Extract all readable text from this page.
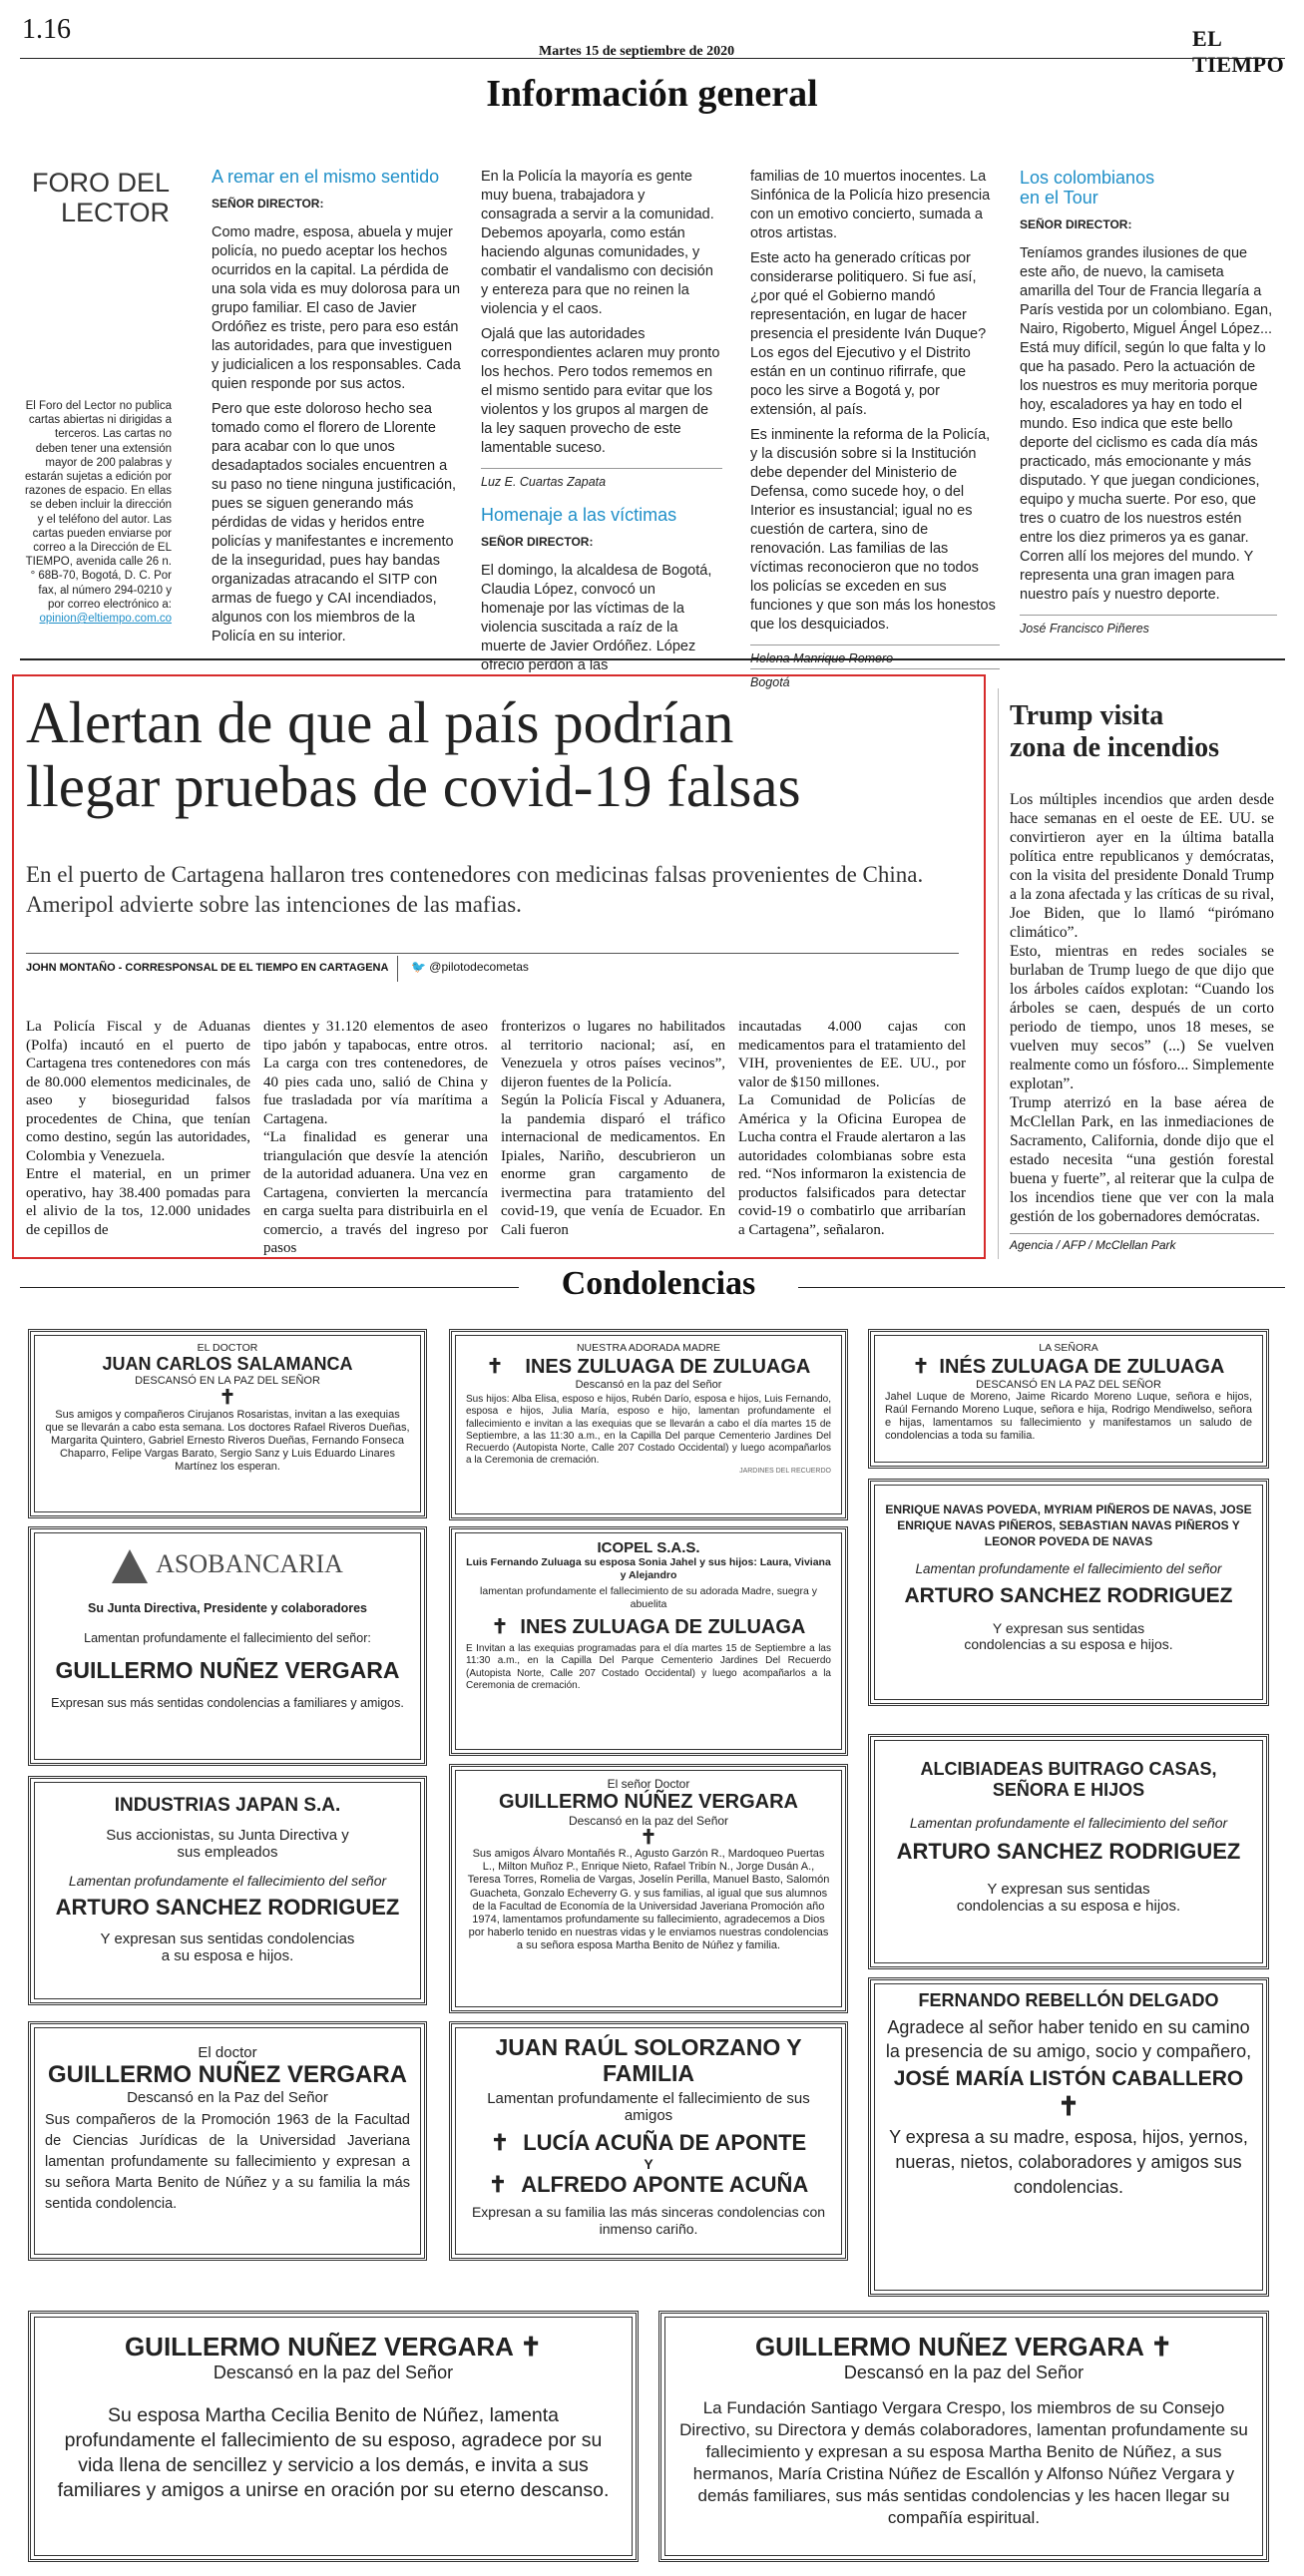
1.16
Martes 15 de septiembre de 2020
EL TIEMPO
Información general
FORO DEL
LECTOR
El Foro del Lector no publica cartas abiertas ni dirigidas a terceros. Las cartas no deben tener una extensión mayor de 200 palabras y estarán sujetas a edición por razones de espacio. En ellas se deben incluir la dirección y el teléfono del autor. Las cartas pueden enviarse por correo a la Dirección de EL TIEMPO, avenida calle 26 n.° 68B-70, Bogotá, D. C. Por fax, al número 294-0210 y por correo electrónico a: opinion@eltiempo.com.co
A remar en el mismo sentido
SEÑOR DIRECTOR:

Como madre, esposa, abuela y mujer policía, no puedo aceptar los hechos ocurridos en la capital. La pérdida de una sola vida es muy dolorosa para un grupo familiar. El caso de Javier Ordóñez es triste, pero para eso están las autoridades, para que investiguen y judicialicen a los responsables. Cada quien responde por sus actos.

Pero que este doloroso hecho sea tomado como el florero de Llorente para acabar con lo que unos desadaptados sociales encuentren a su paso no tiene ninguna justificación, pues se siguen generando más pérdidas de vidas y heridos entre policías y manifestantes e incremento de la inseguridad, pues hay bandas organizadas atracando el SITP con armas de fuego y CAI incendiados, algunos con los miembros de la Policía en su interior.

En la Policía la mayoría es gente muy buena, trabajadora y consagrada a servir a la comunidad. Debemos apoyarla, como están haciendo algunas comunidades, y combatir el vandalismo con decisión y entereza para que no reinen la violencia y el caos.

Ojalá que las autoridades correspondientes aclaren muy pronto los hechos. Pero todos rememos en el mismo sentido para evitar que los violentos y los grupos al margen de la ley saquen provecho de este lamentable suceso.

Luz E. Cuartas Zapata
Homenaje a las víctimas
SEÑOR DIRECTOR:

El domingo, la alcaldesa de Bogotá, Claudia López, convocó un homenaje por las víctimas de la violencia suscitada a raíz de la muerte de Javier Ordóñez. López ofreció perdón a las

familias de 10 muertos inocentes. La Sinfónica de la Policía hizo presencia con un emotivo concierto, sumada a otros artistas.

Este acto ha generado críticas por considerarse politiquero. Si fue así, ¿por qué el Gobierno mandó representación, en lugar de hacer presencia el presidente Iván Duque? Los egos del Ejecutivo y el Distrito están en un continuo rifirrafe, que poco les sirve a Bogotá y, por extensión, al país.

Es inminente la reforma de la Policía, y la discusión sobre si la Institución debe depender del Ministerio de Defensa, como sucede hoy, o del Interior es insustancial; igual no es cuestión de cartera, sino de renovación. Las familias de las víctimas reconocieron que no todos los policías se exceden en sus funciones y que son más los honestos que los desquiciados.

Helena Manrique Romero
Bogotá
Los colombianos
en el Tour
SEÑOR DIRECTOR:

Teníamos grandes ilusiones de que este año, de nuevo, la camiseta amarilla del Tour de Francia llegaría a París vestida por un colombiano. Egan, Nairo, Rigoberto, Miguel Ángel López... Está muy difícil, según lo que falta y lo que ha pasado. Pero la actuación de los nuestros es muy meritoria porque hoy, escaladores ya hay en todo el mundo. Eso indica que este bello deporte del ciclismo es cada día más practicado, más emocionante y más disputado. Y que juegan condiciones, equipo y mucha suerte. Por eso, que tres o cuatro de los nuestros estén entre los diez primeros ya es ganar. Corren allí los mejores del mundo. Y representa una gran imagen para nuestro país y nuestro deporte.

José Francisco Piñeres
Alertan de que al país podrían
llegar pruebas de covid-19 falsas
En el puerto de Cartagena hallaron tres contenedores con medicinas falsas provenientes de China. Ameripol advierte sobre las intenciones de las mafias.
JOHN MONTAÑO - CORRESPONSAL DE EL TIEMPO EN CARTAGENA 🐦 @pilotodecometas
La Policía Fiscal y de Aduanas (Polfa) incautó en el puerto de Cartagena tres contenedores con más de 80.000 elementos medicinales, de aseo y bioseguridad falsos procedentes de China, que tenían como destino, según las autoridades, Colombia y Venezuela.
Entre el material, en un primer operativo, hay 38.400 pomadas para el alivio de la tos, 12.000 unidades de cepillos de
dientes y 31.120 elementos de aseo tipo jabón y tapabocas, entre otros. La carga con tres contenedores, de 40 pies cada uno, salió de China y fue trasladada por vía marítima a Cartagena.
“La finalidad es generar una triangulación que desvíe la atención de la autoridad aduanera. Una vez en Cartagena, convierten la mercancía en carga suelta para distribuirla en el comercio, a través del ingreso por pasos
fronterizos o lugares no habilitados al territorio nacional; así, en Venezuela y otros países vecinos”, dijeron fuentes de la Policía.
Según la Policía Fiscal y Aduanera, la pandemia disparó el tráfico internacional de medicamentos. En Ipiales, Nariño, descubrieron un enorme gran cargamento de ivermectina para tratamiento del covid-19, que venía de Ecuador. En Cali fueron
incautadas 4.000 cajas con medicamentos para el tratamiento del VIH, provenientes de EE. UU., por valor de $150 millones.
La Comunidad de Policías de América y la Oficina Europea de Lucha contra el Fraude alertaron a las autoridades colombianas sobre esta red. “Nos informaron la existencia de productos falsificados para detectar covid-19 o combatirlo que arribarían a Cartagena”, señalaron.
Trump visita
zona de incendios
Los múltiples incendios que arden desde hace semanas en el oeste de EE. UU. se convirtieron ayer en la última batalla política entre republicanos y demócratas, con la visita del presidente Donald Trump a la zona afectada y las críticas de su rival, Joe Biden, que lo llamó “pirómano climático”.
Esto, mientras en redes sociales se burlaban de Trump luego de que dijo que los árboles caídos explotan: “Cuando los árboles se caen, después de un corto periodo de tiempo, unos 18 meses, se vuelven muy secos” (...) Se vuelven realmente como un fósforo... Simplemente explotan”.
Trump aterrizó en la base aérea de McClellan Park, en las inmediaciones de Sacramento, California, donde dijo que el estado necesita “una gestión forestal buena y fuerte”, al reiterar que la culpa de los incendios tiene que ver con la mala gestión de los gobernadores demócratas.
Agencia / AFP / McClellan Park
Condolencias
EL DOCTOR
JUAN CARLOS SALAMANCA
DESCANSÓ EN LA PAZ DEL SEÑOR
✝
Sus amigos y compañeros Cirujanos Rosaristas, invitan a las exequias que se llevarán a cabo esta semana. Los doctores Rafael Riveros Dueñas, Margarita Quintero, Gabriel Ernesto Riveros Dueñas, Fernando Fonseca Chaparro, Felipe Vargas Barato, Sergio Sanz y Luis Eduardo Linares Martínez los esperan.
NUESTRA ADORADA MADRE
✝ INES ZULUAGA DE ZULUAGA
Descansó en la paz del Señor
Sus hijos: Alba Elisa, esposo e hijos, Rubén Darío, esposa e hijos, Luis Fernando, esposa e hijos, Julia María, esposo e hijo, lamentan profundamente el fallecimiento e invitan a las exequias que se llevarán a cabo el día martes 15 de Septiembre, a las 11:30 a.m., en la Capilla Del parque Cementerio Jardines Del Recuerdo (Autopista Norte, Calle 207 Costado Occidental) y luego acompañarlos a la Ceremonia de cremación.
JARDINES DEL RECUERDO
LA SEÑORA
✝ INÉS ZULUAGA DE ZULUAGA
DESCANSÓ EN LA PAZ DEL SEÑOR
Jahel Luque de Moreno, Jaime Ricardo Moreno Luque, señora e hijos, Raúl Fernando Moreno Luque, señora e hija, Rodrigo Mendiwelso, señora e hijas, lamentamos su fallecimiento y manifestamos un saludo de condolencias a toda su familia.
ASOBANCARIA
Su Junta Directiva, Presidente y colaboradores
Lamentan profundamente el fallecimiento del señor:
GUILLERMO NUÑEZ VERGARA
Expresan sus más sentidas condolencias a familiares y amigos.
ICOPEL S.A.S.
Luis Fernando Zuluaga su esposa Sonia Jahel y sus hijos: Laura, Viviana y Alejandro
lamentan profundamente el fallecimiento de su adorada Madre, suegra y abuelita
✝ INES ZULUAGA DE ZULUAGA
E Invitan a las exequias programadas para el día martes 15 de Septiembre a las 11:30 a.m., en la Capilla Del Parque Cementerio Jardines Del Recuerdo (Autopista Norte, Calle 207 Costado Occidental) y luego acompañarlos a la Ceremonia de cremación.
ENRIQUE NAVAS POVEDA, MYRIAM PIÑEROS DE NAVAS, JOSE ENRIQUE NAVAS PIÑEROS, SEBASTIAN NAVAS PIÑEROS Y LEONOR POVEDA DE NAVAS
Lamentan profundamente el fallecimiento del señor
ARTURO SANCHEZ RODRIGUEZ
Y expresan sus sentidas condolencias a su esposa e hijos.
El señor Doctor
GUILLERMO NÚÑEZ VERGARA
Descansó en la paz del Señor
✝
Sus amigos Álvaro Montañés R., Agusto Garzón R., Mardoqueo Puertas L., Milton Muñoz P., Enrique Nieto, Rafael Tribín N., Jorge Dusán A., Teresa Torres, Romelia de Vargas, Joselín Perilla, Manuel Basto, Salomón Guacheta, Gonzalo Echeverry G. y sus familias, al igual que sus alumnos de la Facultad de Economía de la Universidad Javeriana Promoción año 1974, lamentamos profundamente su fallecimiento, agradecemos a Dios por haberlo tenido en nuestras vidas y le enviamos nuestras condolencias a su señora esposa Martha Benito de Núñez y familia.
INDUSTRIAS JAPAN S.A.
Sus accionistas, su Junta Directiva y sus empleados
Lamentan profundamente el fallecimiento del señor
ARTURO SANCHEZ RODRIGUEZ
Y expresan sus sentidas condolencias a su esposa e hijos.
ALCIBIADEAS BUITRAGO CASAS, SEÑORA E HIJOS
Lamentan profundamente el fallecimiento del señor
ARTURO SANCHEZ RODRIGUEZ
Y expresan sus sentidas condolencias a su esposa e hijos.
El doctor
GUILLERMO NUÑEZ VERGARA
Descansó en la Paz del Señor
Sus compañeros de la Promoción 1963 de la Facultad de Ciencias Jurídicas de la Universidad Javeriana lamentan profundamente su fallecimiento y expresan a su señora Marta Benito de Núñez y a su familia la más sentida condolencia.
JUAN RAÚL SOLORZANO Y FAMILIA
Lamentan profundamente el fallecimiento de sus amigos
✝ LUCÍA ACUÑA DE APONTE
Y
✝ ALFREDO APONTE ACUÑA
Expresan a su familia las más sinceras condolencias con inmenso cariño.
FERNANDO REBELLÓN DELGADO
Agradece al señor haber tenido en su camino la presencia de su amigo, socio y compañero,
JOSÉ MARÍA LISTÓN CABALLERO
✝
Y expresa a su madre, esposa, hijos, yernos, nueras, nietos, colaboradores y amigos sus condolencias.
GUILLERMO NUÑEZ VERGARA ✝
Descansó en la paz del Señor
Su esposa Martha Cecilia Benito de Núñez, lamenta profundamente el fallecimiento de su esposo, agradece por su vida llena de sencillez y servicio a los demás, e invita a sus familiares y amigos a unirse en oración por su eterno descanso.
GUILLERMO NUÑEZ VERGARA ✝
Descansó en la paz del Señor
La Fundación Santiago Vergara Crespo, los miembros de su Consejo Directivo, su Directora y demás colaboradores, lamentan profundamente su fallecimiento y expresan a su esposa Martha Benito de Núñez, a sus hermanos, María Cristina Núñez de Escallón y Alfonso Núñez Vergara y demás familiares, sus más sentidas condolencias y les hacen llegar su compañía espiritual.
